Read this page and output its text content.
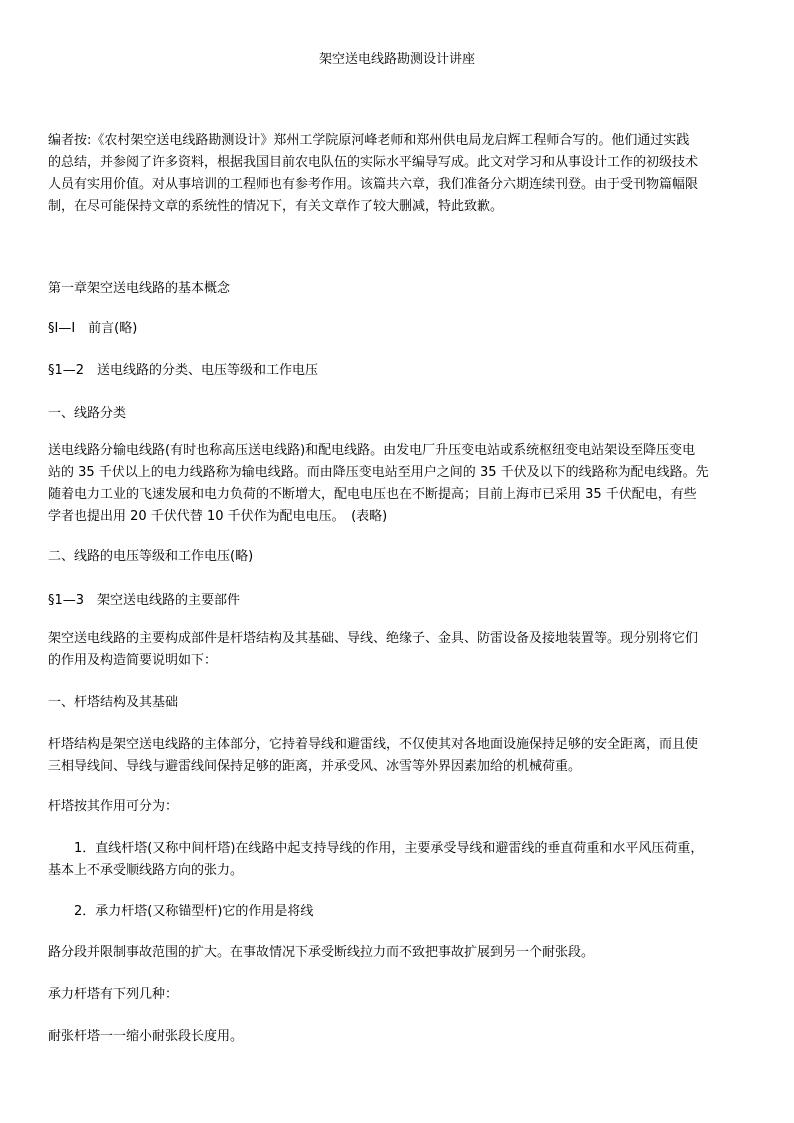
架空送电线路勘测设计讲座
编者按:《农村架空送电线路勘测设计》郑州工学院原河峰老师和郑州供电局龙启辉工程师合写的。他们通过实践
的总结，并参阅了许多资料，根据我国目前农电队伍的实际水平编导写成。此文对学习和从事设计工作的初级技术
人员有实用价值。对从事培训的工程师也有参考作用。该篇共六章，我们准备分六期连续刊登。由于受刊物篇幅限
制，在尽可能保持文章的系统性的情况下，有关文章作了较大删减，特此致歉。
第一章架空送电线路的基本概念
§Ⅰ—Ⅰ　前言(略)
§1—2　送电线路的分类、电压等级和工作电压
一、线路分类
送电线路分输电线路(有时也称高压送电线路)和配电线路。由发电厂升压变电站或系统枢纽变电站架设至降压变电
站的 35 千伏以上的电力线路称为输电线路。而由降压变电站至用户之间的 35 千伏及以下的线路称为配电线路。先
随着电力工业的飞速发展和电力负荷的不断增大，配电电压也在不断提高；目前上海市已采用 35 千伏配电，有些
学者也提出用 20 千伏代替 10 千伏作为配电电压。　(表略)
二、线路的电压等级和工作电压(略)
§1—3　架空送电线路的主要部件
架空送电线路的主要构成部件是杆塔结构及其基础、导线、绝缘子、金具、防雷设备及接地装置等。现分别将它们
的作用及构造简要说明如下：
一、杆塔结构及其基础
杆塔结构是架空送电线路的主体部分，它持着导线和避雷线，不仅使其对各地面设施保持足够的安全距离，而且使
三相导线间、导线与避雷线间保持足够的距离，并承受风、冰雪等外界因素加给的机械荷重。
杆塔按其作用可分为：
1．直线杆塔(又称中间杆塔)在线路中起支持导线的作用，主要承受导线和避雷线的垂直荷重和水平风压荷重，
基本上不承受顺线路方向的张力。
2．承力杆塔(又称锚型杆)它的作用是将线
路分段并限制事故范围的扩大。在事故情况下承受断线拉力而不致把事故扩展到另一个耐张段。
承力杆塔有下列几种：
耐张杆塔一一缩小耐张段长度用。
